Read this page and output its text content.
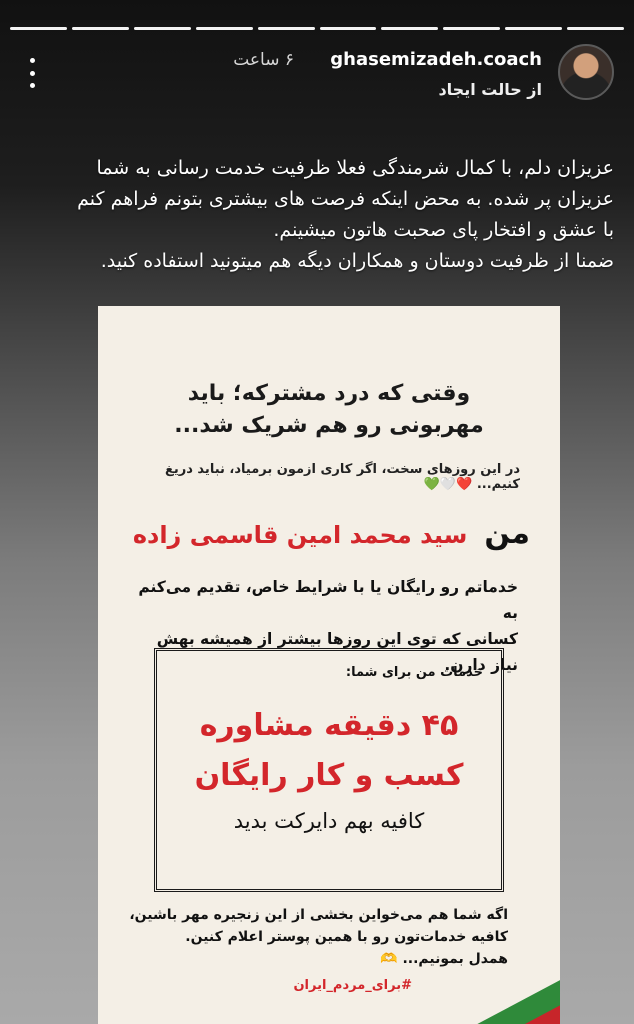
ghasemizadeh.coach
۶ ساعت
از حالت ایجاد

عزیزان دلم، با کمال شرمندگی فعلا ظرفیت خدمت رسانی به شما

عزیزان پر شده. به محض اینکه فرصت های بیشتری بتونم فراهم کنم

با عشق و افتخار پای صحبت هاتون میشینم.

ضمنا از ظرفیت دوستان و همکاران دیگه هم میتونید استفاده کنید.

وقتی که درد مشترکه؛ باید
مهربونی رو هم شریک شد...
در این روزهای سخت، اگر کاری ازمون برمیاد، نباید دریغ کنیم... ❤️🤍💚
من سید محمد امین قاسمی زاده
خدماتم رو رایگان یا با شرایط خاص، تقدیم می‌کنم به
کسانی که توی این روزها بیشتر از همیشه بهش نیاز دارن.
خدمات من برای شما:
۴۵ دقیقه مشاوره
کسب و کار رایگان
کافیه بهم دایرکت بدید
اگه شما هم می‌خواین بخشی از این زنجیره مهر باشین،
کافیه خدمات‌تون رو با همین پوستر اعلام کنین.
همدل بمونیم... 🫶
#برای_مردم_ایران
